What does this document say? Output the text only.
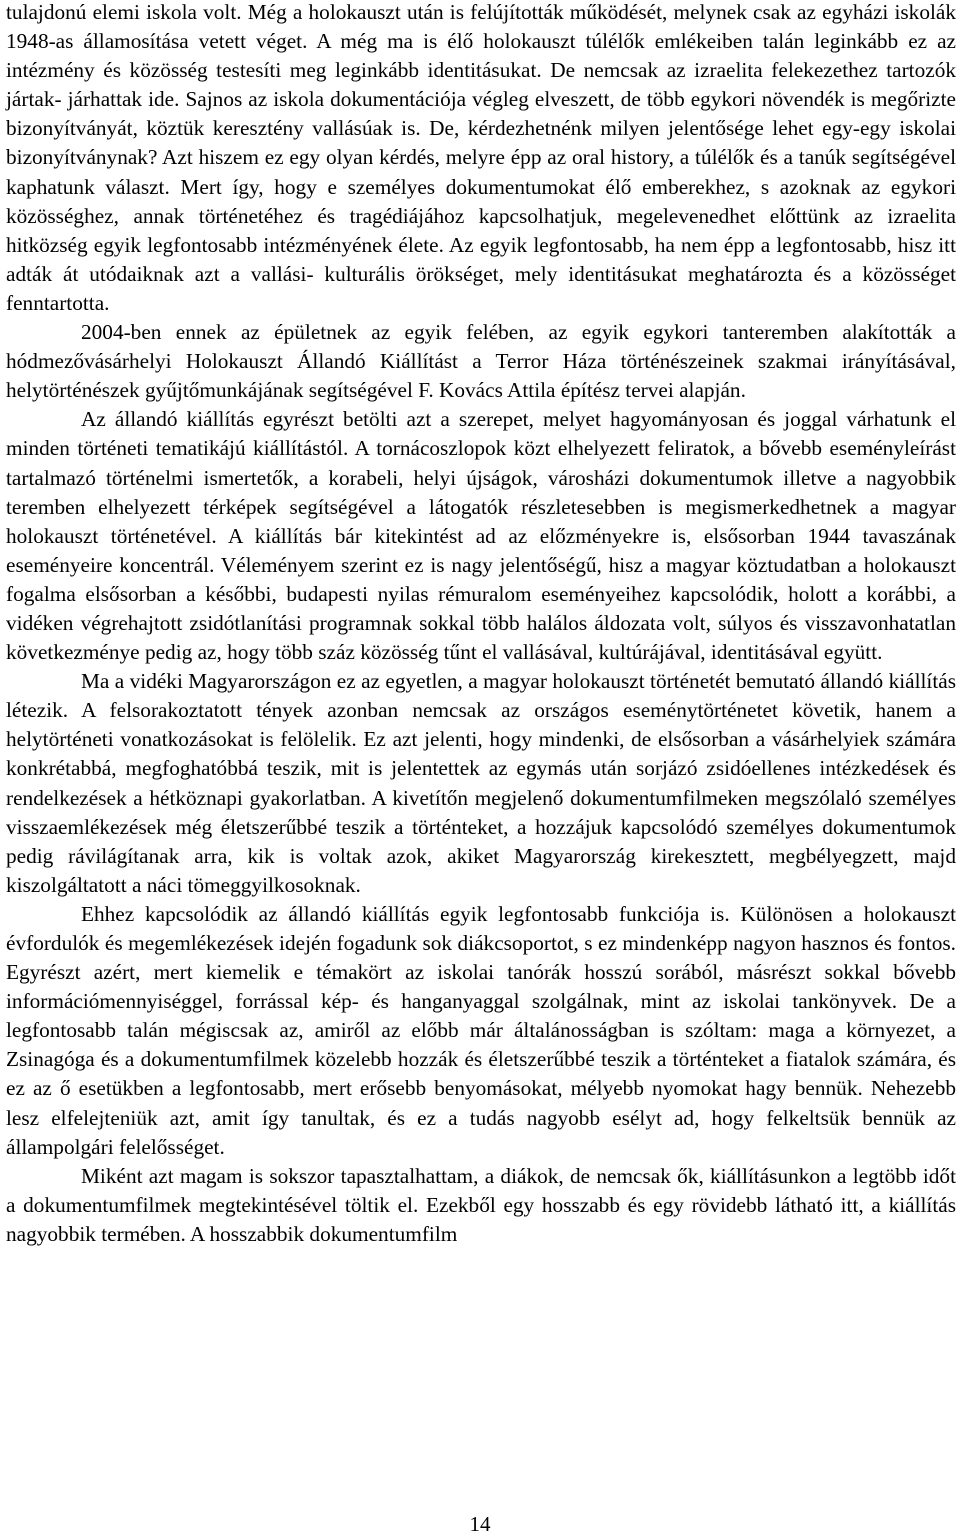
tulajdonú elemi iskola volt. Még a holokauszt után is felújították működését, melynek csak az egyházi iskolák 1948-as államosítása vetett véget. A még ma is élő holokauszt túlélők emlékeiben talán leginkább ez az intézmény és közösség testesíti meg leginkább identitásukat. De nemcsak az izraelita felekezethez tartozók jártak- járhattak ide. Sajnos az iskola dokumentációja végleg elveszett, de több egykori növendék is megőrizte bizonyítványát, köztük keresztény vallásúak is. De, kérdezhetnénk milyen jelentősége lehet egy-egy iskolai bizonyítványnak? Azt hiszem ez egy olyan kérdés, melyre épp az oral history, a túlélők és a tanúk segítségével kaphatunk választ. Mert így, hogy e személyes dokumentumokat élő emberekhez, s azoknak az egykori közösséghez, annak történetéhez és tragédiájához kapcsolhatjuk, megelevenedhet előttünk az izraelita hitközség egyik legfontosabb intézményének élete. Az egyik legfontosabb, ha nem épp a legfontosabb, hisz itt adták át utódaiknak azt a vallási- kulturális örökséget, mely identitásukat meghatározta és a közösséget fenntartotta.

2004-ben ennek az épületnek az egyik felében, az egyik egykori tanteremben alakították a hódmezővásárhelyi Holokauszt Állandó Kiállítást a Terror Háza történészeinek szakmai irányításával, helytörténészek gyűjtőmunkájának segítségével F. Kovács Attila építész tervei alapján.

Az állandó kiállítás egyrészt betölti azt a szerepet, melyet hagyományosan és joggal várhatunk el minden történeti tematikájú kiállítástól. A tornácoszlopok közt elhelyezett feliratok, a bővebb eseményleírást tartalmazó történelmi ismertetők, a korabeli, helyi újságok, városházi dokumentumok illetve a nagyobbik teremben elhelyezett térképek segítségével a látogatók részletesebben is megismerkedhetnek a magyar holokauszt történetével. A kiállítás bár kitekintést ad az előzményekre is, elsősorban 1944 tavaszának eseményeire koncentrál. Véleményem szerint ez is nagy jelentőségű, hisz a magyar köztudatban a holokauszt fogalma elsősorban a későbbi, budapesti nyilas rémuralom eseményeihez kapcsolódik, holott a korábbi, a vidéken végrehajtott zsidótlanítási programnak sokkal több halálos áldozata volt, súlyos és visszavonhatatlan következménye pedig az, hogy több száz közösség tűnt el vallásával, kultúrájával, identitásával együtt.

Ma a vidéki Magyarországon ez az egyetlen, a magyar holokauszt történetét bemutató állandó kiállítás létezik. A felsorakoztatott tények azonban nemcsak az országos eseménytörténetet követik, hanem a helytörténeti vonatkozásokat is felölelik. Ez azt jelenti, hogy mindenki, de elsősorban a vásárhelyiek számára konkrétabbá, megfoghatóbbá teszik, mit is jelentettek az egymás után sorjázó zsidóellenes intézkedések és rendelkezések a hétköznapi gyakorlatban. A kivetítőn megjelenő dokumentumfilmeken megszólaló személyes visszaemlékezések még életszerűbbé teszik a történteket, a hozzájuk kapcsolódó személyes dokumentumok pedig rávilágítanak arra, kik is voltak azok, akiket Magyarország kirekesztett, megbélyegzett, majd kiszolgáltatott a náci tömeggyilkosoknak.

Ehhez kapcsolódik az állandó kiállítás egyik legfontosabb funkciója is. Különösen a holokauszt évfordulók és megemlékezések idején fogadunk sok diákcsoportot, s ez mindenképp nagyon hasznos és fontos. Egyrészt azért, mert kiemelik e témakört az iskolai tanórák hosszú sorából, másrészt sokkal bővebb információmennyiséggel, forrással kép- és hanganyaggal szolgálnak, mint az iskolai tankönyvek. De a legfontosabb talán mégiscsak az, amiről az előbb már általánosságban is szóltam: maga a környezet, a Zsinagóga és a dokumentumfilmek közelebb hozzák és életszerűbbé teszik a történteket a fiatalok számára, és ez az ő esetükben a legfontosabb, mert erősebb benyomásokat, mélyebb nyomokat hagy bennük. Nehezebb lesz elfelejteniük azt, amit így tanultak, és ez a tudás nagyobb esélyt ad, hogy felkeltsük bennük az állampolgári felelősséget.

Miként azt magam is sokszor tapasztalhattam, a diákok, de nemcsak ők, kiállításunkon a legtöbb időt a dokumentumfilmek megtekintésével töltik el. Ezekből egy hosszabb és egy rövidebb látható itt, a kiállítás nagyobbik termében. A hosszabbik dokumentumfilm

14
